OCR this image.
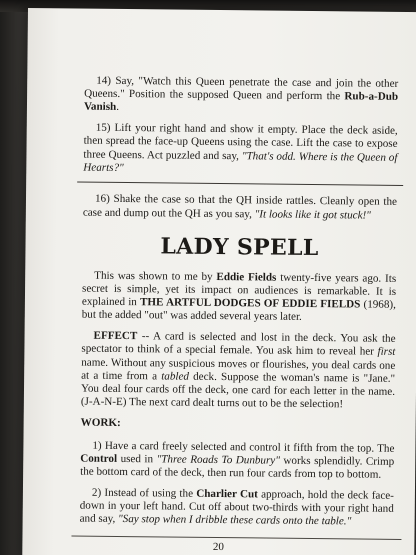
14) Say, "Watch this Queen penetrate the case and join the other Queens." Position the supposed Queen and perform the Rub-a-Dub Vanish.

15) Lift your right hand and show it empty. Place the deck aside, then spread the face-up Queens using the case. Lift the case to expose three Queens. Act puzzled and say, "That's odd. Where is the Queen of Hearts?"

16) Shake the case so that the QH inside rattles. Cleanly open the case and dump out the QH as you say, "It looks like it got stuck!"

LADY SPELL

This was shown to me by Eddie Fields twenty-five years ago. Its secret is simple, yet its impact on audiences is remarkable. It is explained in THE ARTFUL DODGES OF EDDIE FIELDS (1968), but the added "out" was added several years later.

EFFECT -- A card is selected and lost in the deck. You ask the spectator to think of a special female. You ask him to reveal her first name. Without any suspicious moves or flourishes, you deal cards one at a time from a tabled deck. Suppose the woman's name is "Jane." You deal four cards off the deck, one card for each letter in the name. (J-A-N-E) The next card dealt turns out to be the selection!

WORK:

1) Have a card freely selected and control it fifth from the top. The Control used in "Three Roads To Dunbury" works splendidly. Crimp the bottom card of the deck, then run four cards from top to bottom.

2) Instead of using the Charlier Cut approach, hold the deck face-down in your left hand. Cut off about two-thirds with your right hand and say, "Say stop when I dribble these cards onto the table."

20
